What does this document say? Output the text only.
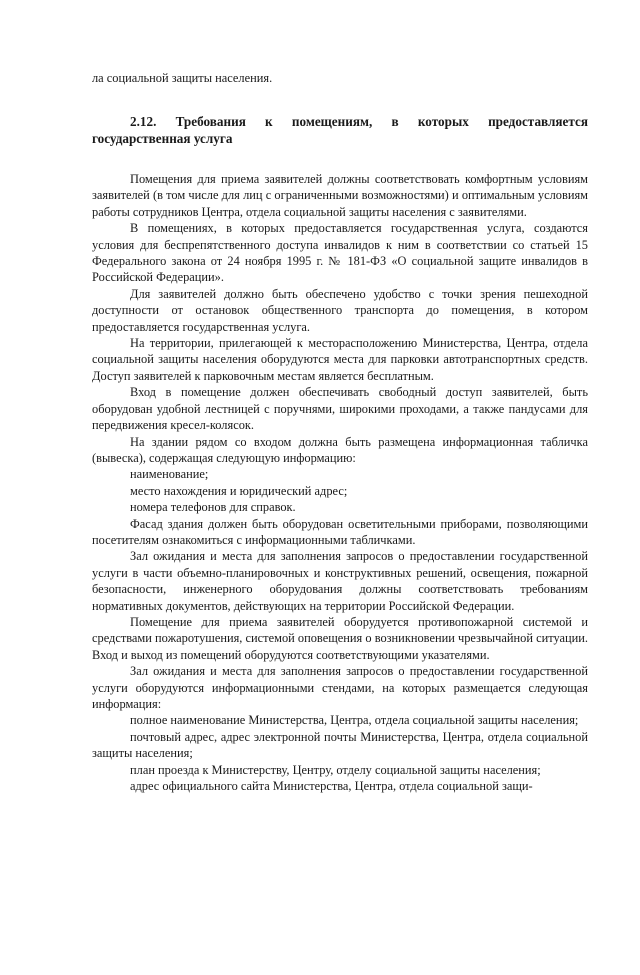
ла социальной защиты населения.

2.12. Требования к помещениям, в которых предоставляется государственная услуга

Помещения для приема заявителей должны соответствовать комфортным условиям заявителей (в том числе для лиц с ограниченными возможностями) и оптимальным условиям работы сотрудников Центра, отдела социальной защиты населения с заявителями.

В помещениях, в которых предоставляется государственная услуга, создаются условия для беспрепятственного доступа инвалидов к ним в соответствии со статьей 15 Федерального закона от 24 ноября 1995 г. № 181-ФЗ «О социальной защите инвалидов в Российской Федерации».

Для заявителей должно быть обеспечено удобство с точки зрения пешеходной доступности от остановок общественного транспорта до помещения, в котором предоставляется государственная услуга.

На территории, прилегающей к месторасположению Министерства, Центра, отдела социальной защиты населения оборудуются места для парковки автотранспортных средств. Доступ заявителей к парковочным местам является бесплатным.

Вход в помещение должен обеспечивать свободный доступ заявителей, быть оборудован удобной лестницей с поручнями, широкими проходами, а также пандусами для передвижения кресел-колясок.

На здании рядом со входом должна быть размещена информационная табличка (вывеска), содержащая следующую информацию:

наименование;

место нахождения и юридический адрес;

номера телефонов для справок.

Фасад здания должен быть оборудован осветительными приборами, позволяющими посетителям ознакомиться с информационными табличками.

Зал ожидания и места для заполнения запросов о предоставлении государственной услуги в части объемно-планировочных и конструктивных решений, освещения, пожарной безопасности, инженерного оборудования должны соответствовать требованиям нормативных документов, действующих на территории Российской Федерации.

Помещение для приема заявителей оборудуется противопожарной системой и средствами пожаротушения, системой оповещения о возникновении чрезвычайной ситуации. Вход и выход из помещений оборудуются соответствующими указателями.

Зал ожидания и места для заполнения запросов о предоставлении государственной услуги оборудуются информационными стендами, на которых размещается следующая информация:

полное наименование Министерства, Центра, отдела социальной защиты населения;

почтовый адрес, адрес электронной почты Министерства, Центра, отдела социальной защиты населения;

план проезда к Министерству, Центру, отделу социальной защиты населения;

адрес официального сайта Министерства, Центра, отдела социальной защи-
